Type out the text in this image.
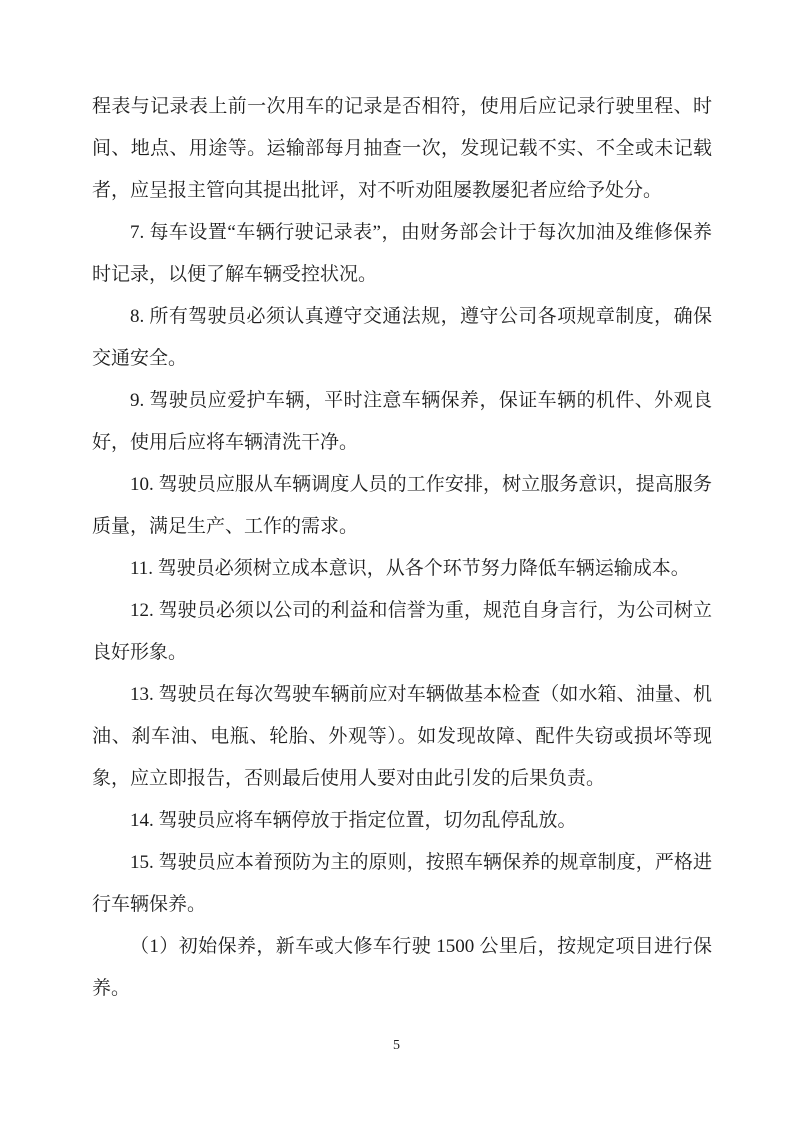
程表与记录表上前一次用车的记录是否相符，使用后应记录行驶里程、时间、地点、用途等。运输部每月抽查一次，发现记载不实、不全或未记载者，应呈报主管向其提出批评，对不听劝阻屡教屡犯者应给予处分。

7. 每车设置“车辆行驶记录表”，由财务部会计于每次加油及维修保养时记录，以便了解车辆受控状况。

8. 所有驾驶员必须认真遵守交通法规，遵守公司各项规章制度，确保交通安全。

9. 驾驶员应爱护车辆，平时注意车辆保养，保证车辆的机件、外观良好，使用后应将车辆清洗干净。

10. 驾驶员应服从车辆调度人员的工作安排，树立服务意识，提高服务质量，满足生产、工作的需求。

11. 驾驶员必须树立成本意识，从各个环节努力降低车辆运输成本。

12. 驾驶员必须以公司的利益和信誉为重，规范自身言行，为公司树立良好形象。

13. 驾驶员在每次驾驶车辆前应对车辆做基本检查（如水箱、油量、机油、刹车油、电瓶、轮胎、外观等）。如发现故障、配件失窃或损坏等现象，应立即报告，否则最后使用人要对由此引发的后果负责。

14. 驾驶员应将车辆停放于指定位置，切勿乱停乱放。

15. 驾驶员应本着预防为主的原则，按照车辆保养的规章制度，严格进行车辆保养。

（1）初始保养，新车或大修车行驶 1500 公里后，按规定项目进行保养。

5
